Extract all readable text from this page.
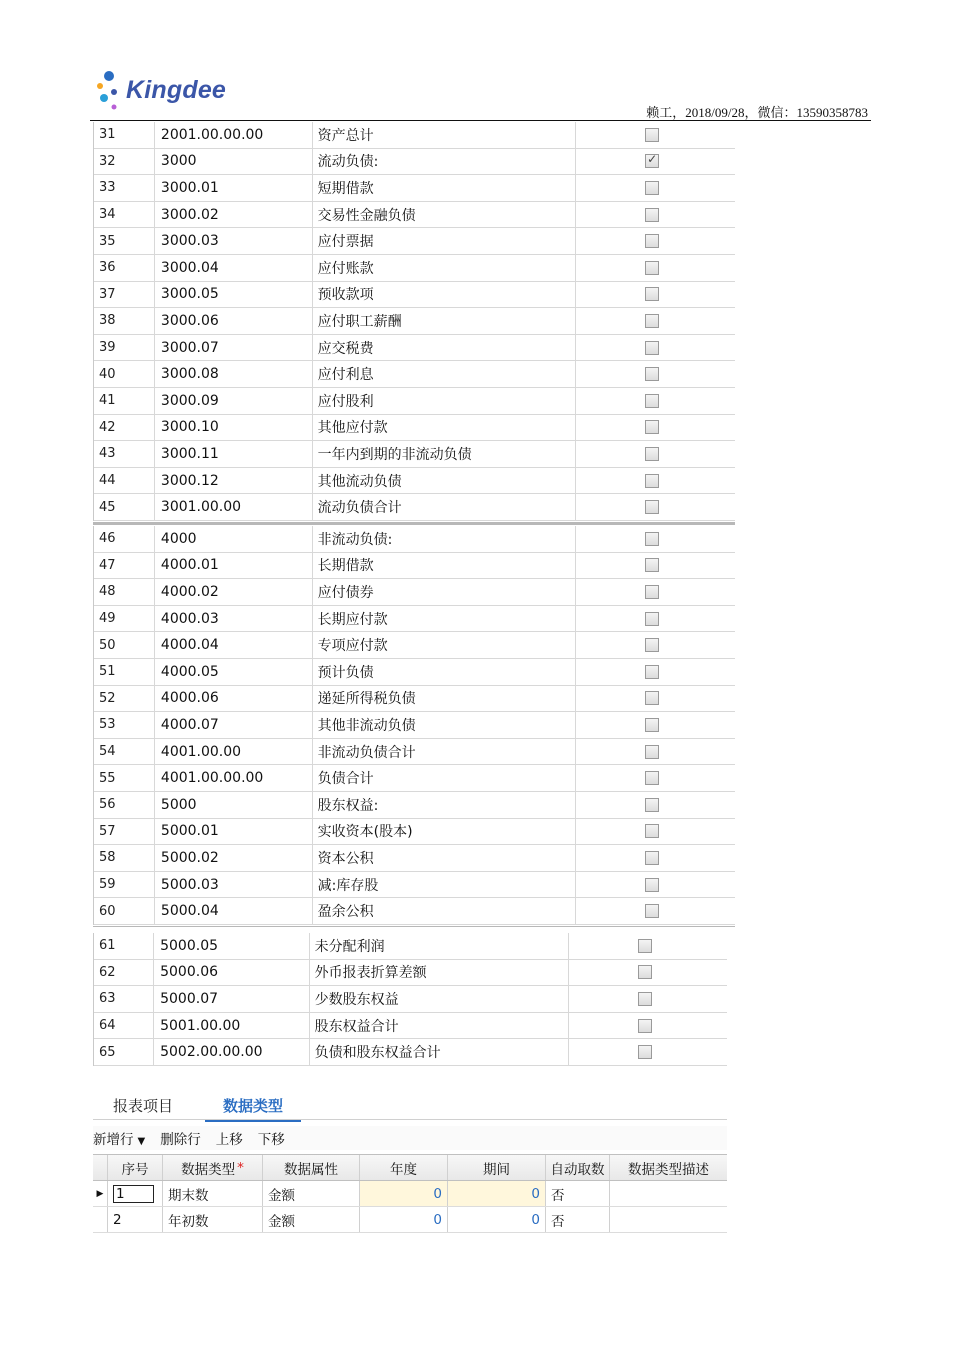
Kingdee
赖工，2018/09/28，微信：13590358783
31	2001.00.00.00	资产总计
32	3000	流动负债:
✓
33	3000.01	短期借款
34	3000.02	交易性金融负债
35	3000.03	应付票据
36	3000.04	应付账款
37	3000.05	预收款项
38	3000.06	应付职工薪酬
39	3000.07	应交税费
40	3000.08	应付利息
41	3000.09	应付股利
42	3000.10	其他应付款
43	3000.11	一年内到期的非流动负债
44	3000.12	其他流动负债
45	3001.00.00	流动负债合计
46	4000	非流动负债:
47	4000.01	长期借款
48	4000.02	应付债券
49	4000.03	长期应付款
50	4000.04	专项应付款
51	4000.05	预计负债
52	4000.06	递延所得税负债
53	4000.07	其他非流动负债
54	4001.00.00	非流动负债合计
55	4001.00.00.00	负债合计
56	5000	股东权益:
57	5000.01	实收资本(股本)
58	5000.02	资本公积
59	5000.03	减:库存股
60	5000.04	盈余公积
61	5000.05	未分配利润
62	5000.06	外币报表折算差额
63	5000.07	少数股东权益
64	5001.00.00	股东权益合计
65	5002.00.00.00	负债和股东权益合计
报表项目	数据类型
新增行 ▼	删除行	上移	下移
序号	数据类型 *	数据属性	年度	期间	自动取数	数据类型描述
▶ 1	期末数	金额	0	0 否
2	年初数	金额	0	0 否
